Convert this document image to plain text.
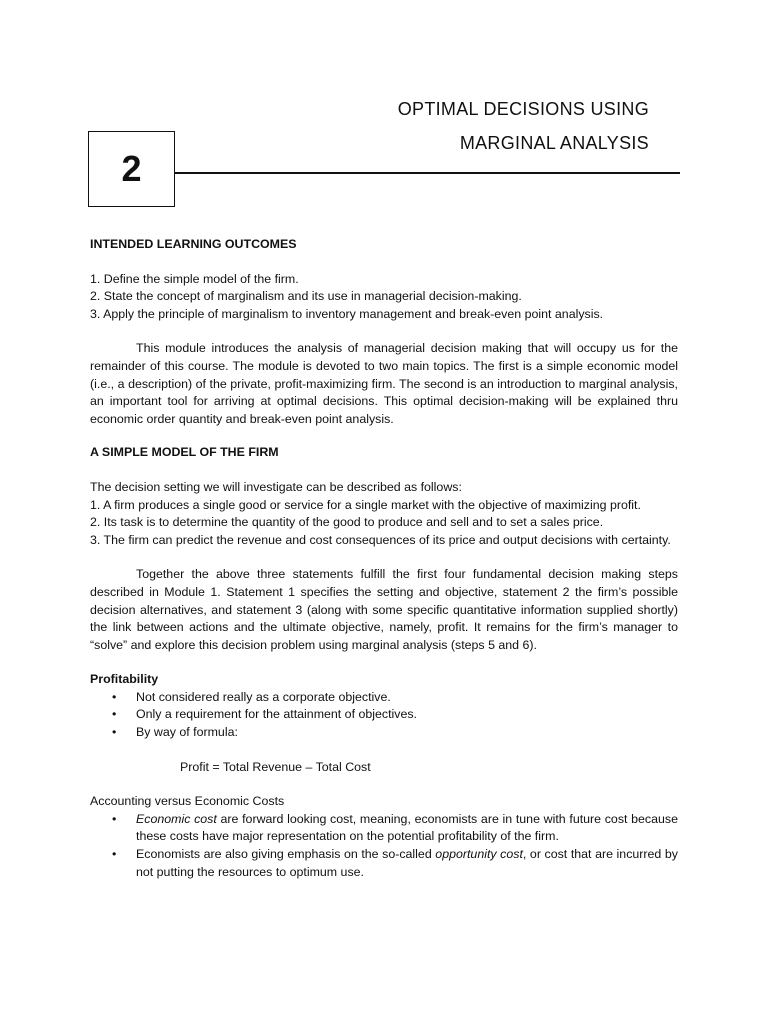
OPTIMAL DECISIONS USING
MARGINAL ANALYSIS
2

INTENDED LEARNING OUTCOMES

1. Define the simple model of the firm.

2. State the concept of marginalism and its use in managerial decision-making.

3. Apply the principle of marginalism to inventory management and break-even point analysis.

This module introduces the analysis of managerial decision making that will occupy us for the remainder of this course. The module is devoted to two main topics. The first is a simple economic model (i.e., a description) of the private, profit-maximizing firm. The second is an introduction to marginal analysis, an important tool for arriving at optimal decisions. This optimal decision-making will be explained thru economic order quantity and break-even point analysis.

A SIMPLE MODEL OF THE FIRM

The decision setting we will investigate can be described as follows:

1. A firm produces a single good or service for a single market with the objective of maximizing profit.

2. Its task is to determine the quantity of the good to produce and sell and to set a sales price.

3. The firm can predict the revenue and cost consequences of its price and output decisions with certainty.

Together the above three statements fulfill the first four fundamental decision making steps described in Module 1. Statement 1 specifies the setting and objective, statement 2 the firm’s possible decision alternatives, and statement 3 (along with some specific quantitative information supplied shortly) the link between actions and the ultimate objective, namely, profit. It remains for the firm’s manager to “solve” and explore this decision problem using marginal analysis (steps 5 and 6).

Profitability

• Not considered really as a corporate objective.
• Only a requirement for the attainment of objectives.
• By way of formula:

Profit = Total Revenue – Total Cost

Accounting versus Economic Costs

• Economic cost are forward looking cost, meaning, economists are in tune with future cost because these costs have major representation on the potential profitability of the firm.
• Economists are also giving emphasis on the so-called opportunity cost, or cost that are incurred by not putting the resources to optimum use.
